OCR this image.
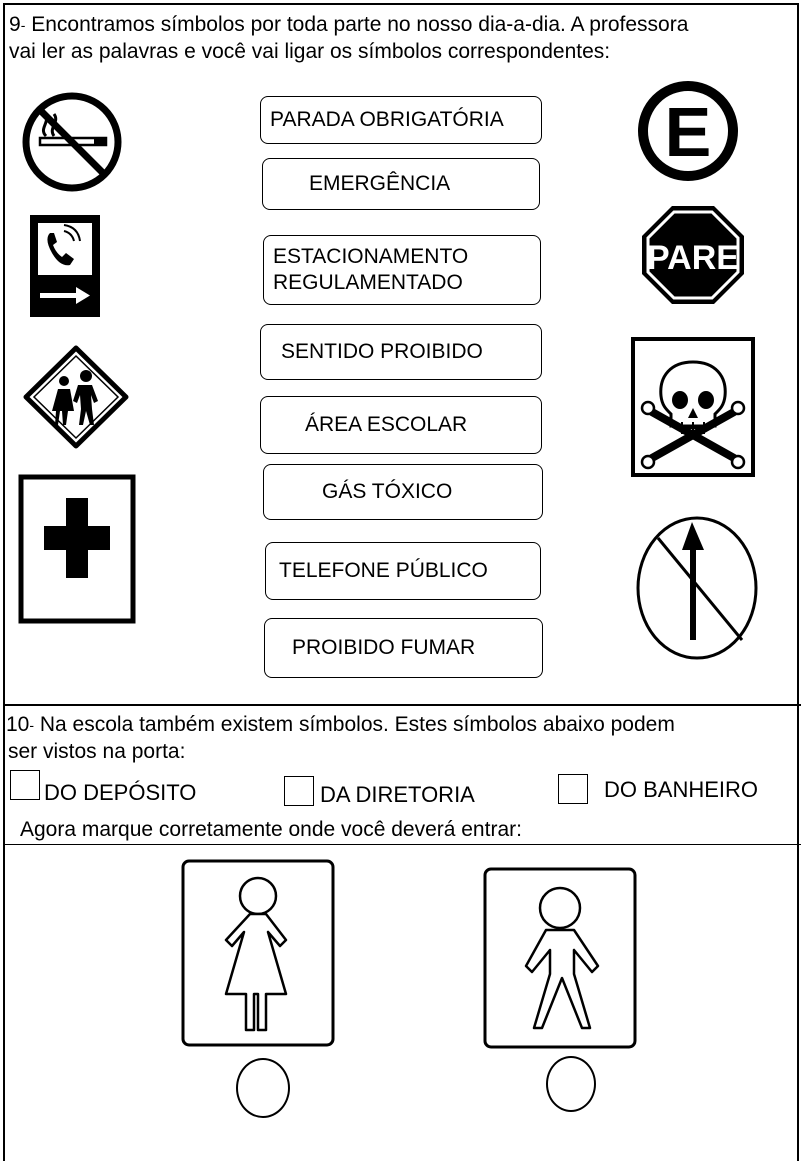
9- Encontramos símbolos por toda parte no nosso dia-a-dia. A professora
vai ler as palavras e você vai ligar os símbolos correspondentes:
PARADA OBRIGATÓRIA
EMERGÊNCIA
ESTACIONAMENTO
REGULAMENTADO
SENTIDO PROIBIDO
ÁREA ESCOLAR
GÁS TÓXICO
TELEFONE PÚBLICO
PROIBIDO FUMAR
E
PARE
10- Na escola também existem símbolos. Estes símbolos abaixo podem
ser vistos na porta:
DO DEPÓSITO	DA DIRETORIA	DO BANHEIRO
Agora marque corretamente onde você deverá entrar:
